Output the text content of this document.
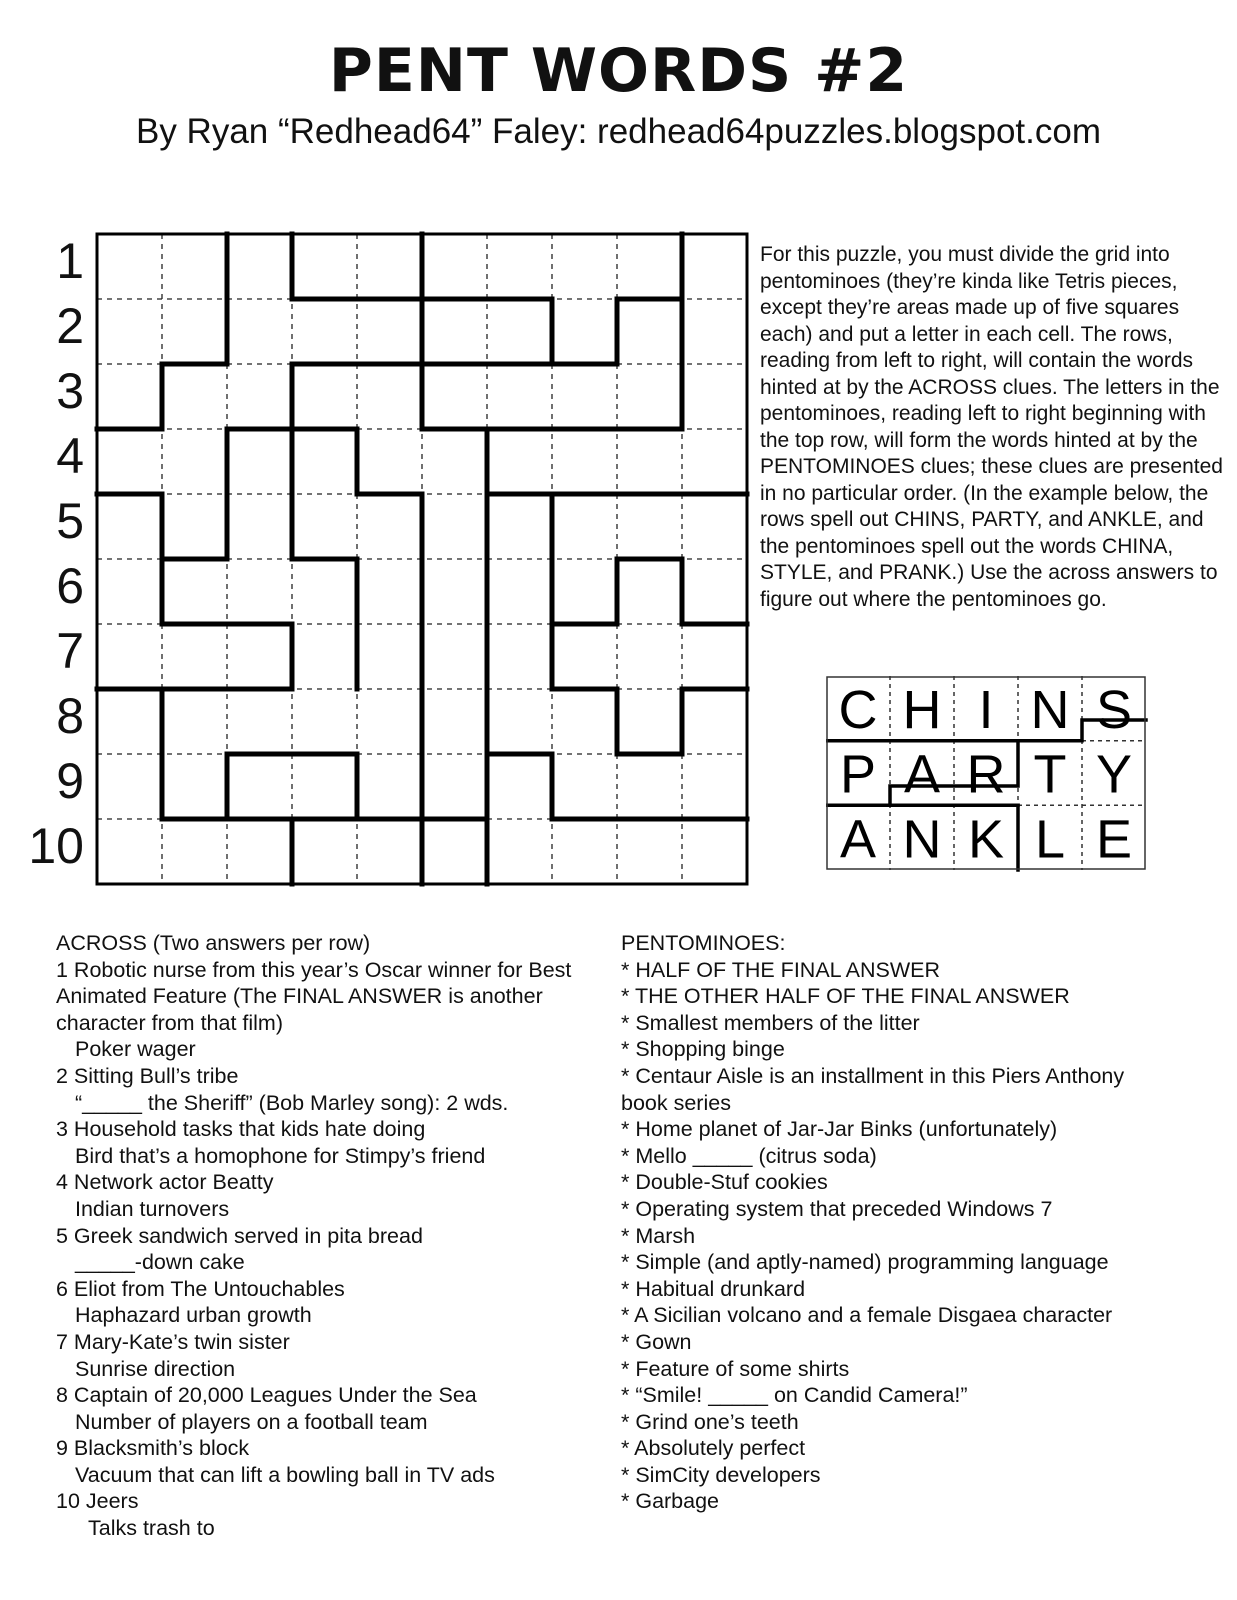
PENT WORDS #2
By Ryan “Redhead64” Faley: redhead64puzzles.blogspot.com
1
2
3
4
5
6
7
8
9
10
For this puzzle, you must divide the grid into pentominoes (they’re kinda like Tetris pieces, except they’re areas made up of five squares each) and put a letter in each cell. The rows, reading from left to right, will contain the words hinted at by the ACROSS clues. The letters in the pentominoes, reading left to right beginning with the top row, will form the words hinted at by the PENTOMINOES clues; these clues are presented in no particular order. (In the example below, the rows spell out CHINS, PARTY, and ANKLE, and the pentominoes spell out the words CHINA, STYLE, and PRANK.) Use the across answers to figure out where the pentominoes go.
C H I N S
P A R T Y
A N K L E
ACROSS (Two answers per row)
1 Robotic nurse from this year’s Oscar winner for Best
Animated Feature (The FINAL ANSWER is another
character from that film)
Poker wager
2 Sitting Bull’s tribe
“_____ the Sheriff” (Bob Marley song): 2 wds.
3 Household tasks that kids hate doing
Bird that’s a homophone for Stimpy’s friend
4 Network actor Beatty
Indian turnovers
5 Greek sandwich served in pita bread
_____-down cake
6 Eliot from The Untouchables
Haphazard urban growth
7 Mary-Kate’s twin sister
Sunrise direction
8 Captain of 20,000 Leagues Under the Sea
Number of players on a football team
9 Blacksmith’s block
Vacuum that can lift a bowling ball in TV ads
10 Jeers
Talks trash to
PENTOMINOES:
* HALF OF THE FINAL ANSWER
* THE OTHER HALF OF THE FINAL ANSWER
* Smallest members of the litter
* Shopping binge
* Centaur Aisle is an installment in this Piers Anthony
book series
* Home planet of Jar-Jar Binks (unfortunately)
* Mello _____ (citrus soda)
* Double-Stuf cookies
* Operating system that preceded Windows 7
* Marsh
* Simple (and aptly-named) programming language
* Habitual drunkard
* A Sicilian volcano and a female Disgaea character
* Gown
* Feature of some shirts
* “Smile! _____ on Candid Camera!”
* Grind one’s teeth
* Absolutely perfect
* SimCity developers
* Garbage
